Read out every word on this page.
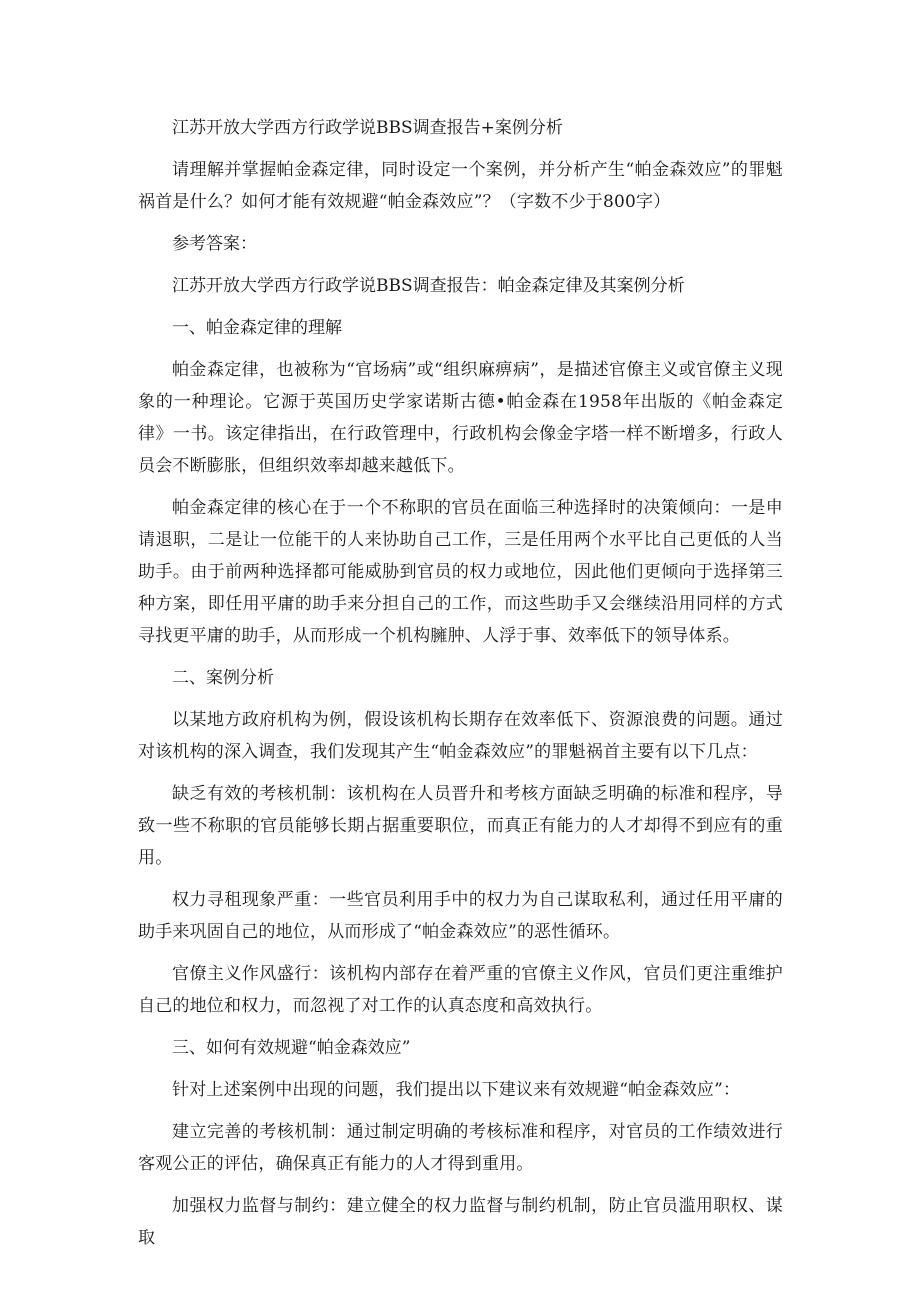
江苏开放大学西方行政学说BBS调查报告+案例分析

请理解并掌握帕金森定律，同时设定一个案例，并分析产生“帕金森效应”的罪魁祸首是什么？如何才能有效规避“帕金森效应”？（字数不少于800字）

参考答案：

江苏开放大学西方行政学说BBS调查报告：帕金森定律及其案例分析

一、帕金森定律的理解

帕金森定律，也被称为“官场病”或“组织麻痹病”，是描述官僚主义或官僚主义现象的一种理论。它源于英国历史学家诺斯古德•帕金森在1958年出版的《帕金森定律》一书。该定律指出，在行政管理中，行政机构会像金字塔一样不断增多，行政人员会不断膨胀，但组织效率却越来越低下。

帕金森定律的核心在于一个不称职的官员在面临三种选择时的决策倾向：一是申请退职，二是让一位能干的人来协助自己工作，三是任用两个水平比自己更低的人当助手。由于前两种选择都可能威胁到官员的权力或地位，因此他们更倾向于选择第三种方案，即任用平庸的助手来分担自己的工作，而这些助手又会继续沿用同样的方式寻找更平庸的助手，从而形成一个机构臃肿、人浮于事、效率低下的领导体系。

二、案例分析

以某地方政府机构为例，假设该机构长期存在效率低下、资源浪费的问题。通过对该机构的深入调查，我们发现其产生“帕金森效应”的罪魁祸首主要有以下几点：

缺乏有效的考核机制：该机构在人员晋升和考核方面缺乏明确的标准和程序，导致一些不称职的官员能够长期占据重要职位，而真正有能力的人才却得不到应有的重用。

权力寻租现象严重：一些官员利用手中的权力为自己谋取私利，通过任用平庸的助手来巩固自己的地位，从而形成了“帕金森效应”的恶性循环。

官僚主义作风盛行：该机构内部存在着严重的官僚主义作风，官员们更注重维护自己的地位和权力，而忽视了对工作的认真态度和高效执行。

三、如何有效规避“帕金森效应”

针对上述案例中出现的问题，我们提出以下建议来有效规避“帕金森效应”：

建立完善的考核机制：通过制定明确的考核标准和程序，对官员的工作绩效进行客观公正的评估，确保真正有能力的人才得到重用。

加强权力监督与制约：建立健全的权力监督与制约机制，防止官员滥用职权、谋取
